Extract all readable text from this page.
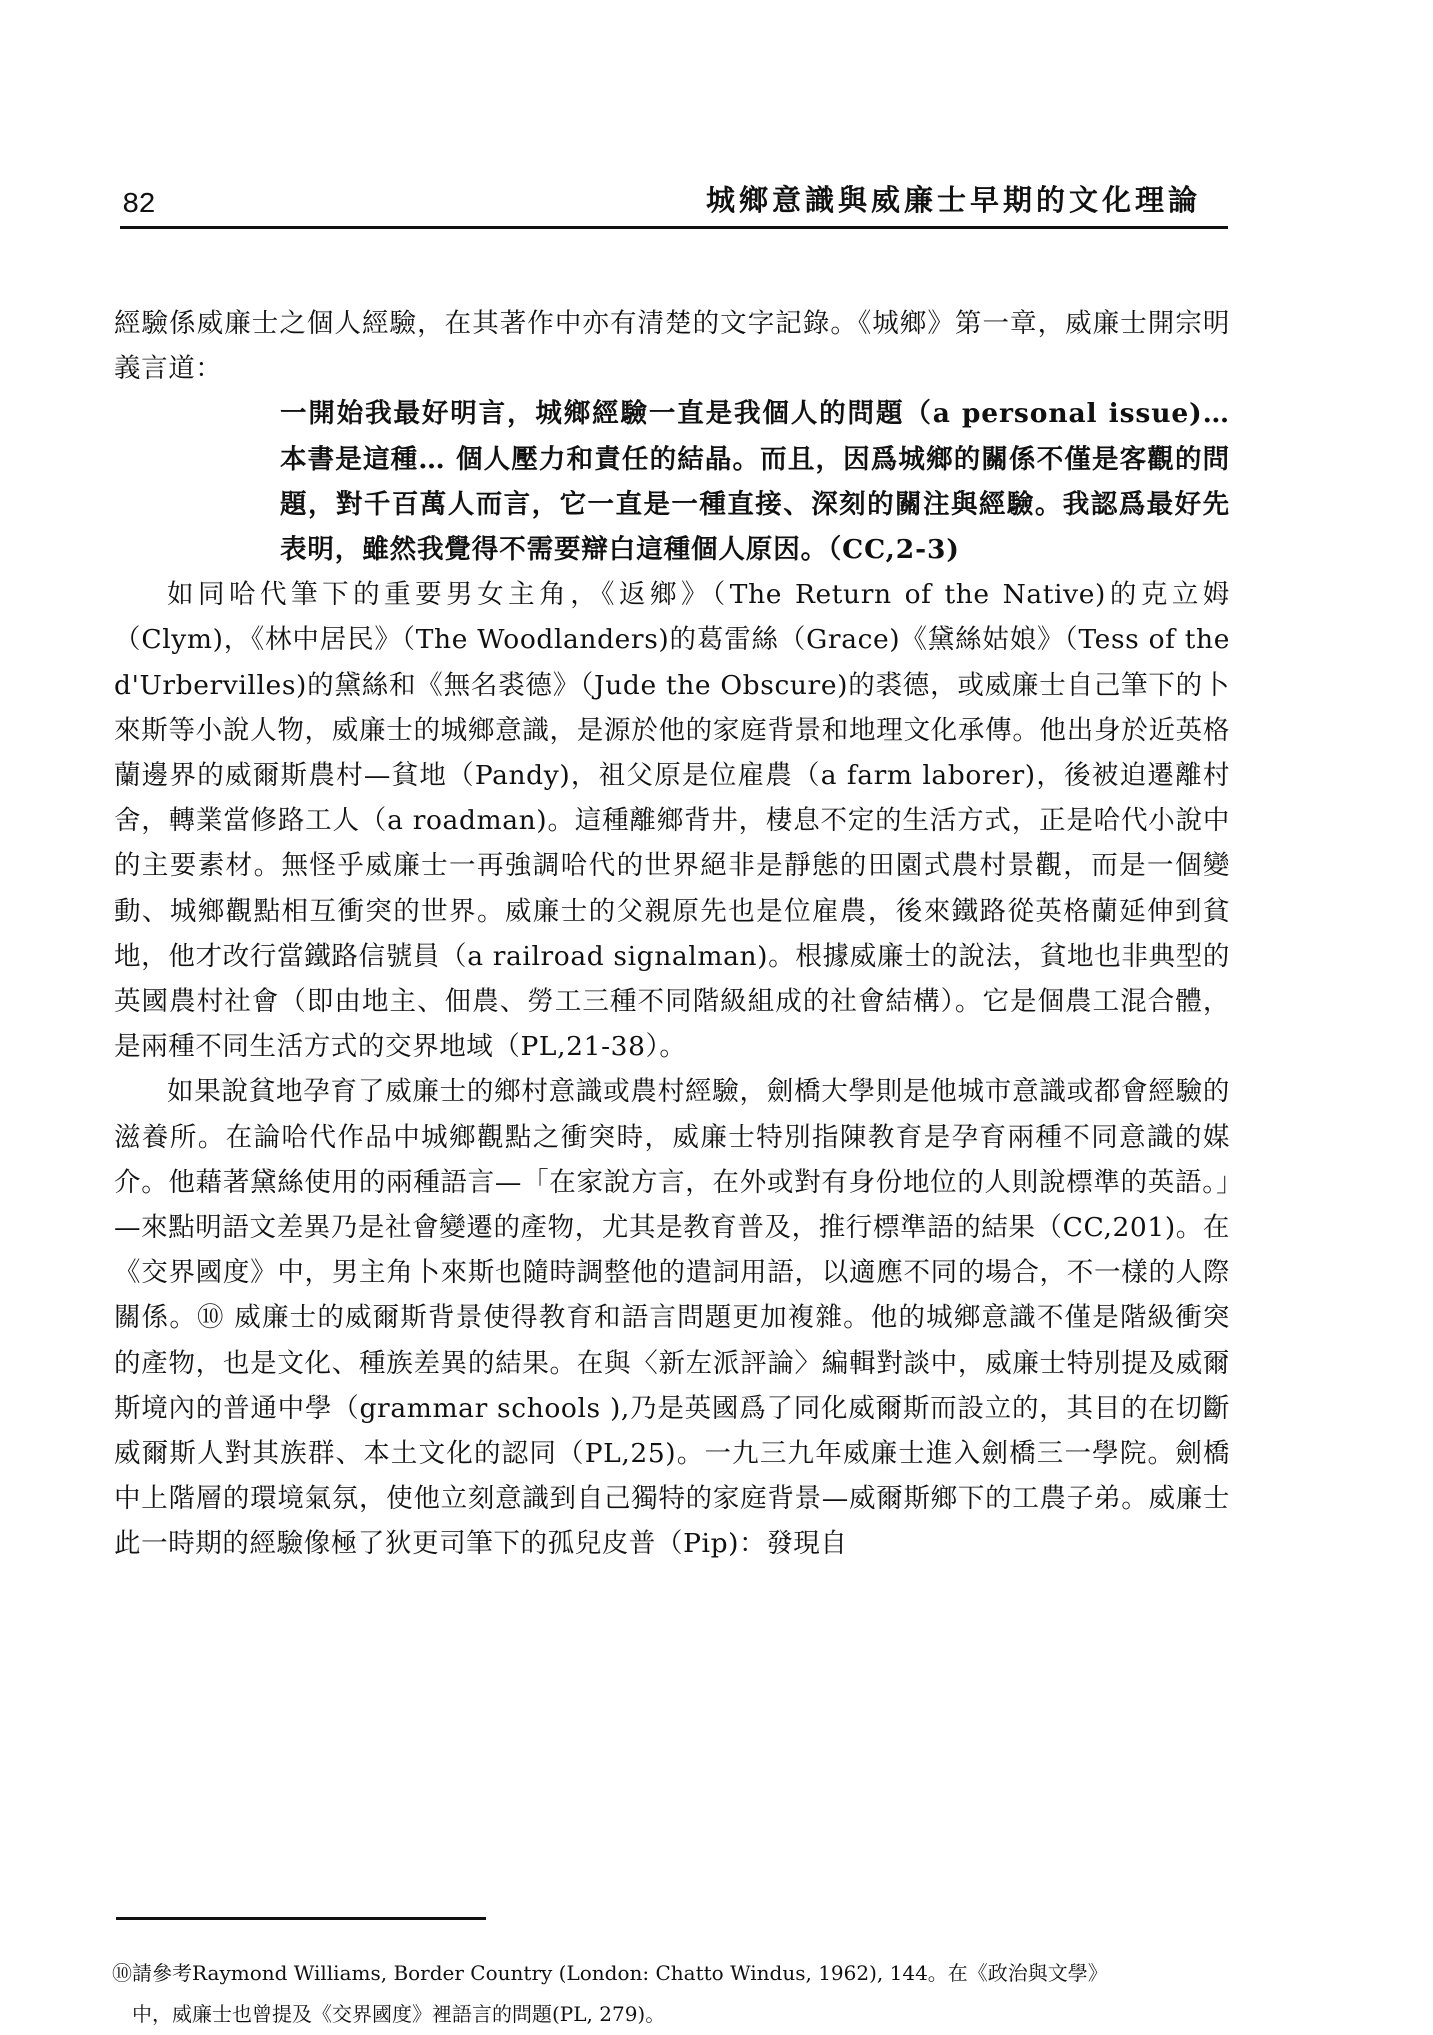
82	城鄉意識與威廉士早期的文化理論

經驗係威廉士之個人經驗，在其著作中亦有清楚的文字記錄。《城鄉》第一章，威廉士開宗明義言道：

一開始我最好明言，城鄉經驗一直是我個人的問題（a personal issue)…本書是這種… 個人壓力和責任的結晶。而且，因爲城鄉的關係不僅是客觀的問題，對千百萬人而言，它一直是一種直接、深刻的關注與經驗。我認爲最好先表明，雖然我覺得不需要辯白這種個人原因。（CC,2-3)

如同哈代筆下的重要男女主角，《返鄉》（The Return of the Native)的克立姆（Clym)，《林中居民》（The Woodlanders)的葛雷絲（Grace)《黛絲姑娘》（Tess of the d'Urbervilles)的黛絲和《無名裘德》（Jude the Obscure)的裘德，或威廉士自己筆下的卜來斯等小說人物，威廉士的城鄉意識，是源於他的家庭背景和地理文化承傳。他出身於近英格蘭邊界的威爾斯農村—貧地（Pandy)，祖父原是位雇農（a farm laborer)，後被迫遷離村舍，轉業當修路工人（a roadman)。這種離鄉背井，棲息不定的生活方式，正是哈代小說中的主要素材。無怪乎威廉士一再強調哈代的世界絕非是靜態的田園式農村景觀，而是一個變動、城鄉觀點相互衝突的世界。威廉士的父親原先也是位雇農，後來鐵路從英格蘭延伸到貧地，他才改行當鐵路信號員（a railroad signalman)。根據威廉士的說法，貧地也非典型的英國農村社會（即由地主、佃農、勞工三種不同階級組成的社會結構）。它是個農工混合體，是兩種不同生活方式的交界地域（PL,21-38）。

如果說貧地孕育了威廉士的鄉村意識或農村經驗，劍橋大學則是他城市意識或都會經驗的滋養所。在論哈代作品中城鄉觀點之衝突時，威廉士特別指陳教育是孕育兩種不同意識的媒介。他藉著黛絲使用的兩種語言—「在家說方言，在外或對有身份地位的人則說標準的英語。」—來點明語文差異乃是社會變遷的產物，尤其是教育普及，推行標準語的結果（CC,201)。在《交界國度》中，男主角卜來斯也隨時調整他的遣詞用語，以適應不同的場合，不一樣的人際關係。⑩ 威廉士的威爾斯背景使得教育和語言問題更加複雜。他的城鄉意識不僅是階級衝突的產物，也是文化、種族差異的結果。在與〈新左派評論〉編輯對談中，威廉士特別提及威爾斯境內的普通中學（grammar schools ),乃是英國爲了同化威爾斯而設立的，其目的在切斷威爾斯人對其族群、本土文化的認同（PL,25)。一九三九年威廉士進入劍橋三一學院。劍橋中上階層的環境氣氛，使他立刻意識到自己獨特的家庭背景—威爾斯鄉下的工農子弟。威廉士此一時期的經驗像極了狄更司筆下的孤兒皮普（Pip)：發現自

⑩請參考Raymond Williams, Border Country (London: Chatto Windus, 1962), 144。在《政治與文學》

中，威廉士也曾提及《交界國度》裡語言的問題(PL, 279)。
